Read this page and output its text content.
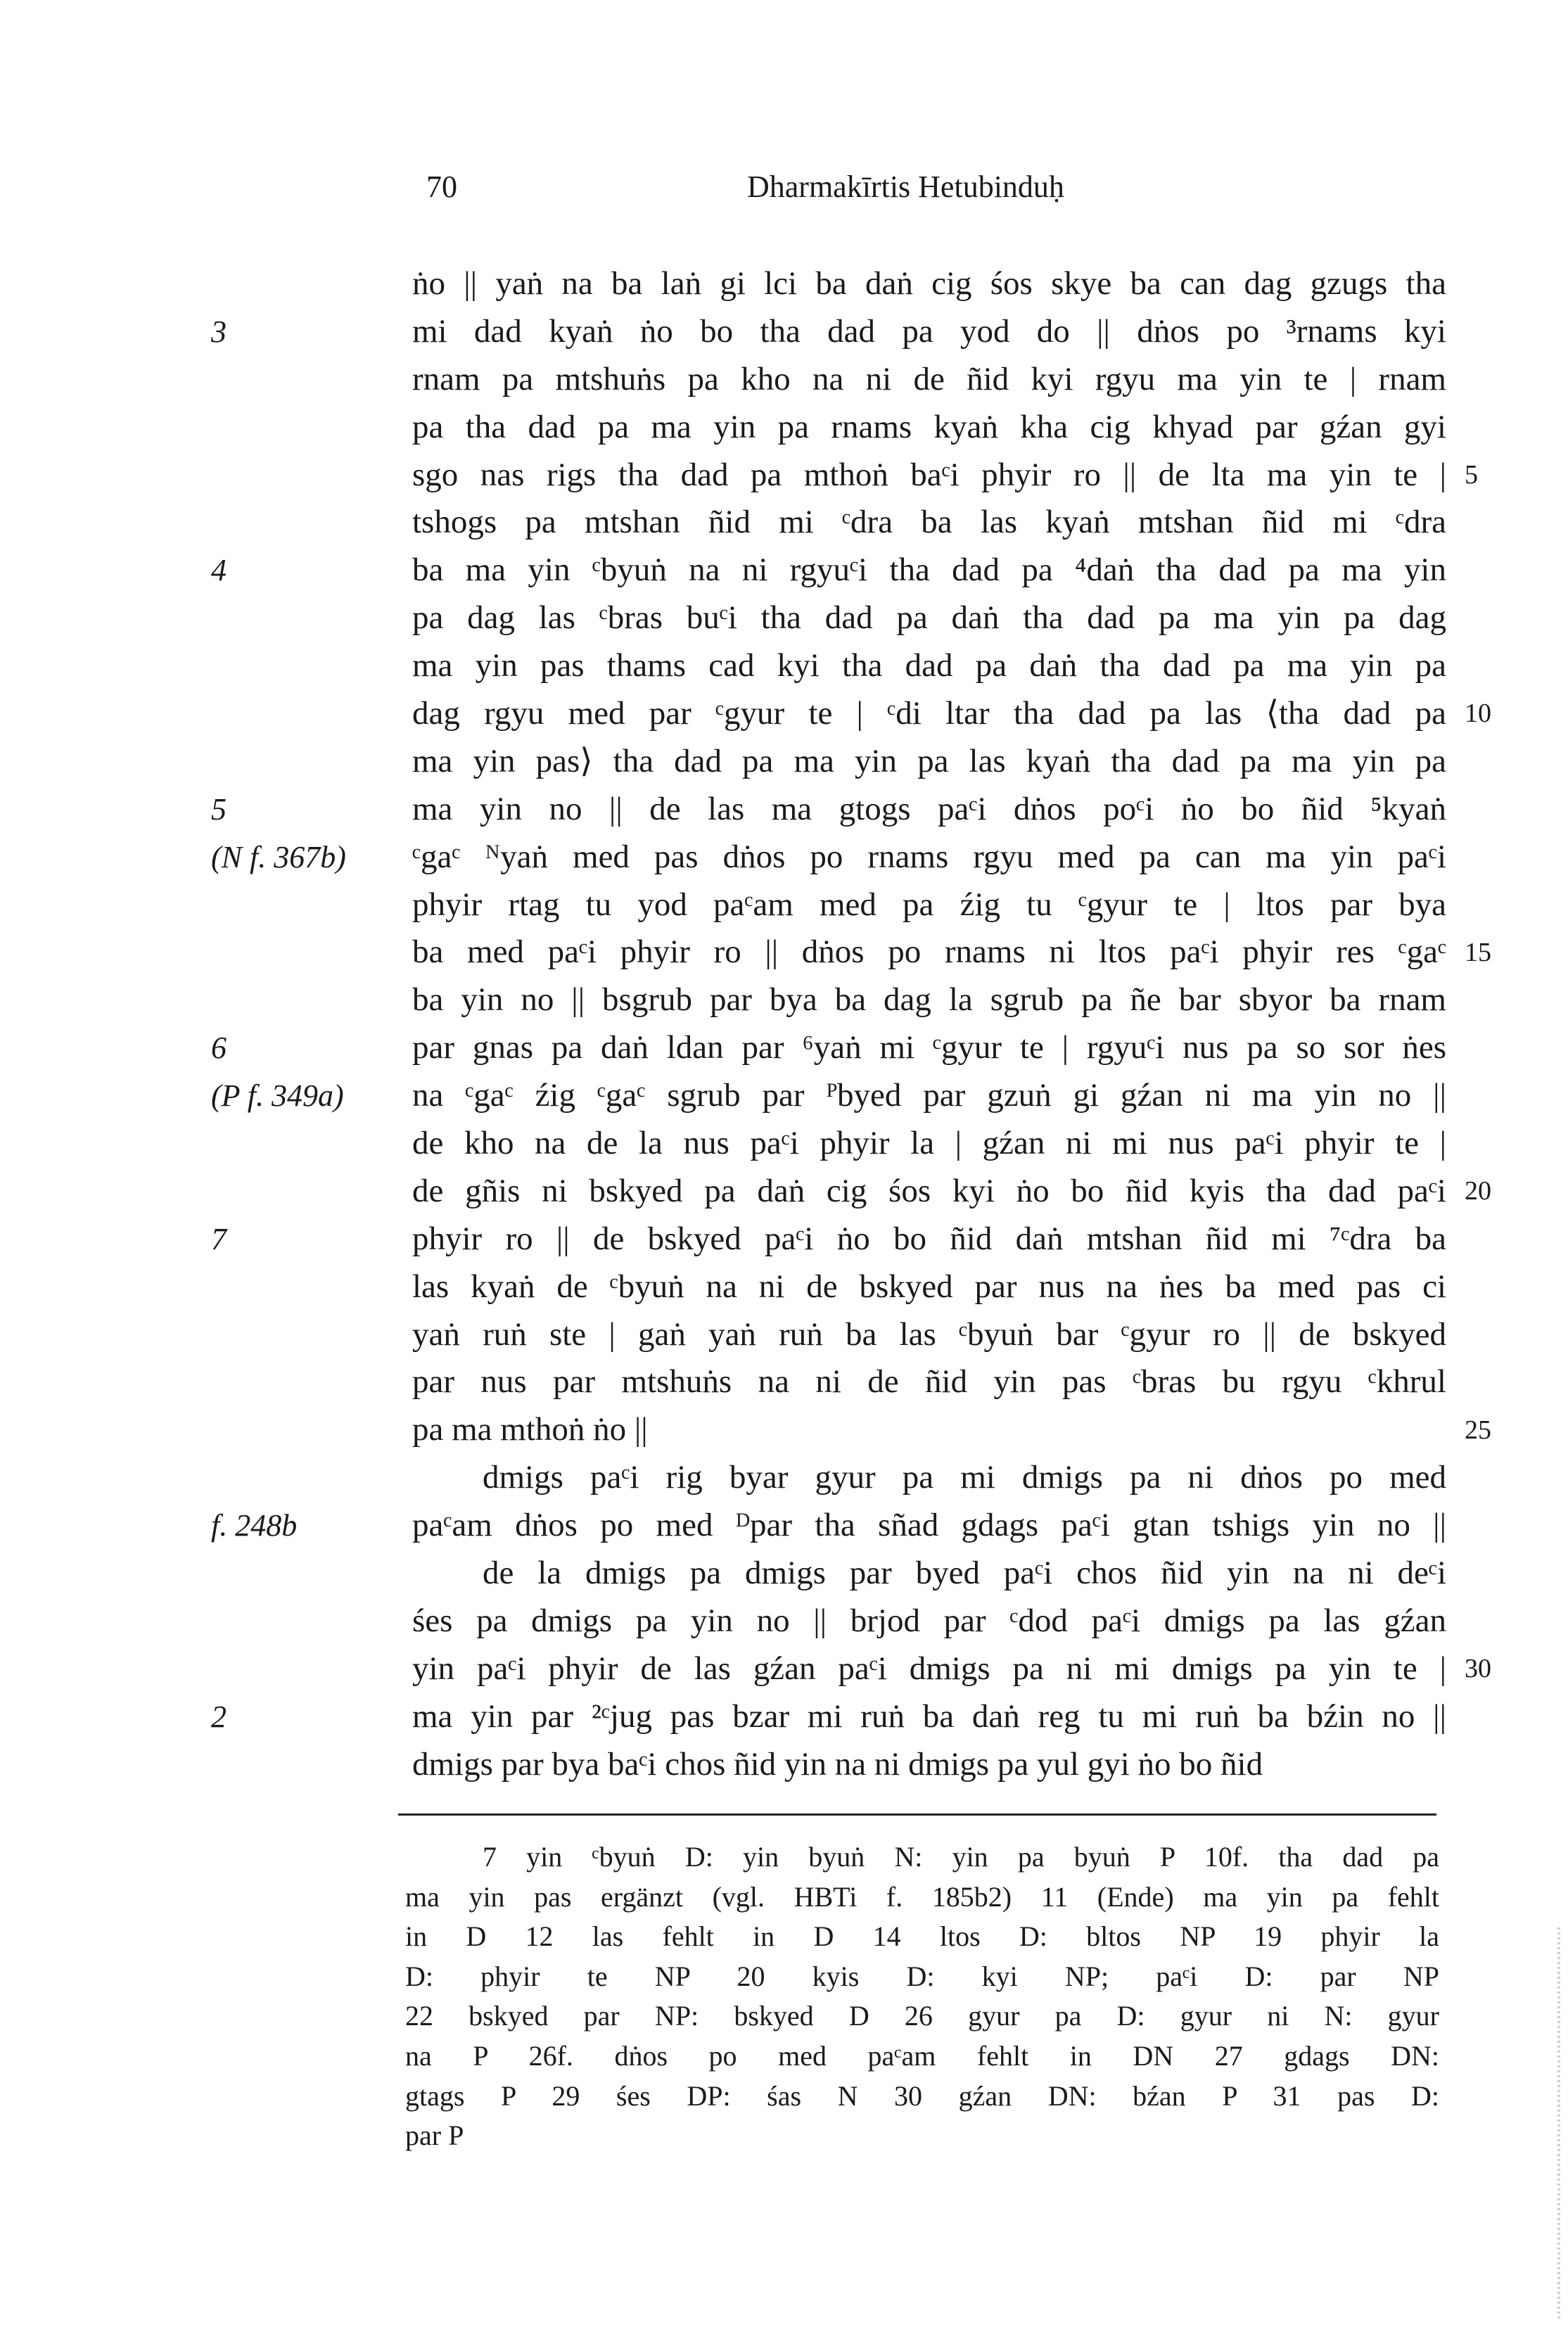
70	Dharmakīrtis Hetubinduḥ
ṅo || yaṅ na ba laṅ gi lci ba daṅ cig śos skye ba can dag gzugs tha
mi dad kyaṅ ṅo bo tha dad pa yod do || dṅos po ³rnams kyi
rnam pa mtshuṅs pa kho na ni de ñid kyi rgyu ma yin te | rnam
pa tha dad pa ma yin pa rnams kyaṅ kha cig khyad par gźan gyi
sgo nas rigs tha dad pa mthoṅ baᶜi phyir ro || de lta ma yin te |
tshogs pa mtshan ñid mi ᶜdra ba las kyaṅ mtshan ñid mi ᶜdra
ba ma yin ᶜbyuṅ na ni rgyuᶜi tha dad pa ⁴daṅ tha dad pa ma yin
pa dag las ᶜbras buᶜi tha dad pa daṅ tha dad pa ma yin pa dag
ma yin pas thams cad kyi tha dad pa daṅ tha dad pa ma yin pa
dag rgyu med par ᶜgyur te | ᶜdi ltar tha dad pa las ⟨tha dad pa
ma yin pas⟩ tha dad pa ma yin pa las kyaṅ tha dad pa ma yin pa
ma yin no || de las ma gtogs paᶜi dṅos poᶜi ṅo bo ñid ⁵kyaṅ
ᶜgaᶜ ᴺyaṅ med pas dṅos po rnams rgyu med pa can ma yin paᶜi
phyir rtag tu yod paᶜam med pa źig tu ᶜgyur te | ltos par bya
ba med paᶜi phyir ro || dṅos po rnams ni ltos paᶜi phyir res ᶜgaᶜ
ba yin no || bsgrub par bya ba dag la sgrub pa ñe bar sbyor ba rnam
par gnas pa daṅ ldan par ⁶yaṅ mi ᶜgyur te | rgyuᶜi nus pa so sor ṅes
na ᶜgaᶜ źig ᶜgaᶜ sgrub par ᴾbyed par gzuṅ gi gźan ni ma yin no ||
de kho na de la nus paᶜi phyir la | gźan ni mi nus paᶜi phyir te |
de gñis ni bskyed pa daṅ cig śos kyi ṅo bo ñid kyis tha dad paᶜi
phyir ro || de bskyed paᶜi ṅo bo ñid daṅ mtshan ñid mi ⁷ᶜdra ba
las kyaṅ de ᶜbyuṅ na ni de bskyed par nus na ṅes ba med pas ci
yaṅ ruṅ ste | gaṅ yaṅ ruṅ ba las ᶜbyuṅ bar ᶜgyur ro || de bskyed
par nus par mtshuṅs na ni de ñid yin pas ᶜbras bu rgyu ᶜkhrul
pa ma mthoṅ ṅo ||
dmigs paᶜi rig byar gyur pa mi dmigs pa ni dṅos po med
paᶜam dṅos po med ᴰpar tha sñad gdags paᶜi gtan tshigs yin no ||
de la dmigs pa dmigs par byed paᶜi chos ñid yin na ni deᶜi
śes pa dmigs pa yin no || brjod par ᶜdod paᶜi dmigs pa las gźan
yin paᶜi phyir de las gźan paᶜi dmigs pa ni mi dmigs pa yin te |
ma yin par ²ᶜjug pas bzar mi ruṅ ba daṅ reg tu mi ruṅ ba bźin no ||
dmigs par bya baᶜi chos ñid yin na ni dmigs pa yul gyi ṅo bo ñid
3
4
5
(N f. 367b)
6
(P f. 349a)
7
f. 248b
2
5
10
15
20
25
30
7 yin ᶜbyuṅ D: yin byuṅ N: yin pa byuṅ P 10f. tha dad pa
ma yin pas ergänzt (vgl. HBTi f. 185b2) 11 (Ende) ma yin pa fehlt
in D 12 las fehlt in D 14 ltos D: bltos NP 19 phyir la
D: phyir te NP 20 kyis D: kyi NP; paᶜi D: par NP
22 bskyed par NP: bskyed D 26 gyur pa D: gyur ni N: gyur
na P 26f. dṅos po med paᶜam fehlt in DN 27 gdags DN:
gtags P 29 śes DP: śas N 30 gźan DN: bźan P 31 pas D:
par P
